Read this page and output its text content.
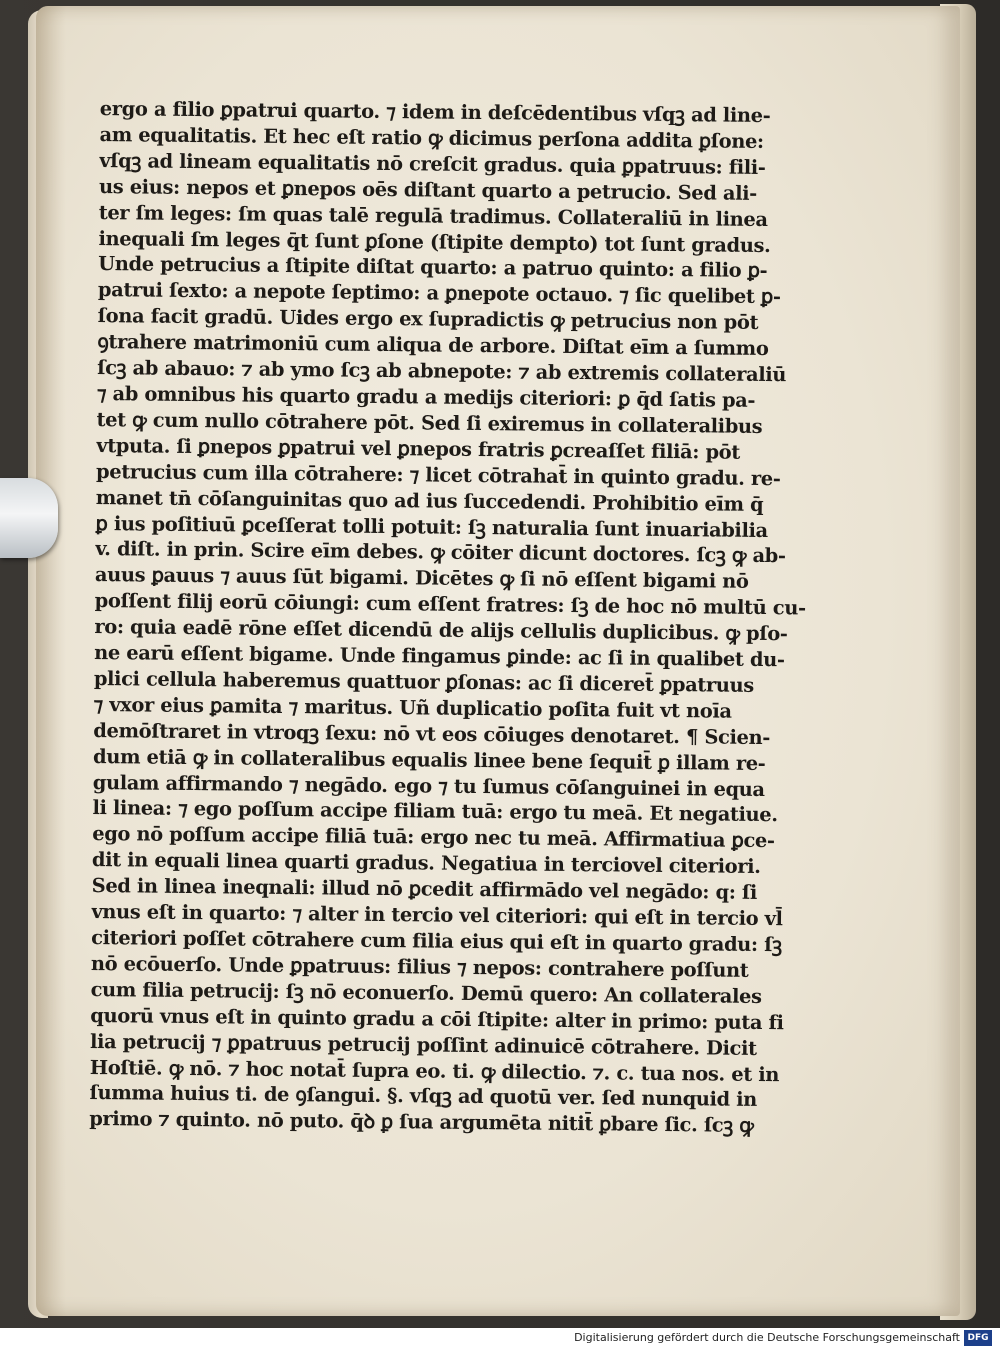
ergo a filio ꝑpatrui quarto. ⁊ idem in deſcēdentibus vſqꝫ ad line-
am equalitatis. Et hec eſt ratio ꝙ dicimus perſona addita ꝑſone:
vſqꝫ ad lineam equalitatis nō creſcit gradus. quia ꝑpatruus: fili-
us eius: nepos et ꝑnepos oēs diſtant quarto a petrucio. Sed ali-
ter ſm leges: ſm quas talē regulā tradimus. Collateraliū in linea
inequali ſm leges q̄t ſunt ꝑſone (ſtipite dempto) tot ſunt gradus.
Unde petrucius a ſtipite diſtat quarto: a patruo quinto: a filio ꝑ-
patrui ſexto: a nepote ſeptimo: a ꝑnepote octauo. ⁊ ſic quelibet ꝑ-
ſona facit gradū. Uides ergo ex ſupradictis ꝙ petrucius non pōt
ꝯtrahere matrimoniū cum aliqua de arbore. Diſtat eīm a ſummo
ſcꝫ ab abauo: ⁊ ab ymo ſcꝫ ab abnepote: ⁊ ab extremis collateraliū
⁊ ab omnibus his quarto gradu a medijs citeriori: ꝑ q̄d ſatis pa-
tet ꝙ cum nullo cōtrahere pōt. Sed ſi exiremus in collateralibus
vtputa. ſi ꝑnepos ꝑpatrui vel ꝑnepos fratris ꝑcreaſſet filiā: pōt
petrucius cum illa cōtrahere: ⁊ licet cōtrahat̄ in quinto gradu. re-
manet tn̄ cōſanguinitas quo ad ius ſuccedendi. Prohibitio eīm q̄
ꝑ ius poſitiuū ꝑceſſerat tolli potuit: ſꝫ naturalia ſunt inuariabilia
v. diſt. in prin. Scire eīm debes. ꝙ cōiter dicunt doctores. ſcꝫ ꝙ ab-
auus ꝑauus ⁊ auus ſūt bigami. Dicētes ꝙ ſi nō eſſent bigami nō
poſſent filij eorū cōiungi: cum eſſent fratres: ſꝫ de hoc nō multū cu-
ro: quia eadē rōne eſſet dicendū de alijs cellulis duplicibus. ꝙ pſo-
ne earū eſſent bigame. Unde fingamus ꝑinde: ac ſi in qualibet du-
plici cellula haberemus quattuor ꝑſonas: ac ſi diceret̄ ꝑpatruus
⁊ vxor eius ꝑamita ⁊ maritus. Uñ duplicatio poſita fuit vt noīa
demōſtraret in vtroqꝫ ſexu: nō vt eos cōiuges denotaret. ¶ Scien-
dum etiā ꝙ in collateralibus equalis linee bene ſequit̄ ꝑ illam re-
gulam affirmando ⁊ negādo. ego ⁊ tu ſumus cōſanguinei in equa
li linea: ⁊ ego poſſum accipe filiam tuā: ergo tu meā. Et negatiue.
ego nō poſſum accipe filiā tuā: ergo nec tu meā. Affirmatiua ꝑce-
dit in equali linea quarti gradus. Negatiua in terciovel citeriori.
Sed in linea ineqnali: illud nō ꝑcedit affirmādo vel negādo: q: ſi
vnus eſt in quarto: ⁊ alter in tercio vel citeriori: qui eſt in tercio vl̄
citeriori poſſet cōtrahere cum filia eius qui eſt in quarto gradu: ſꝫ
nō ecōuerſo. Unde ꝑpatruus: filius ⁊ nepos: contrahere poſſunt
cum filia petrucij: ſꝫ nō econuerſo. Demū quero: An collaterales
quorū vnus eſt in quinto gradu a cōi ſtipite: alter in primo: puta fi
lia petrucij ⁊ ꝑpatruus petrucij poſſint adinuicē cōtrahere. Dicit
Hoſtiē. ꝙ nō. ⁊ hoc notat̄ ſupra eo. ti. ꝙ dilectio. ⁊. c. tua nos. et in
ſumma huius ti. de ꝯſangui. §. vſqꝫ ad quotū ver. ſed nunquid in
primo ⁊ quinto. nō puto. q̄ꝺ ꝑ ſua argumēta nitit̄ ꝑbare ſic. ſcꝫ ꝙ
Digitalisierung gefördert durch die Deutsche Forschungsgemeinschaft DFG
